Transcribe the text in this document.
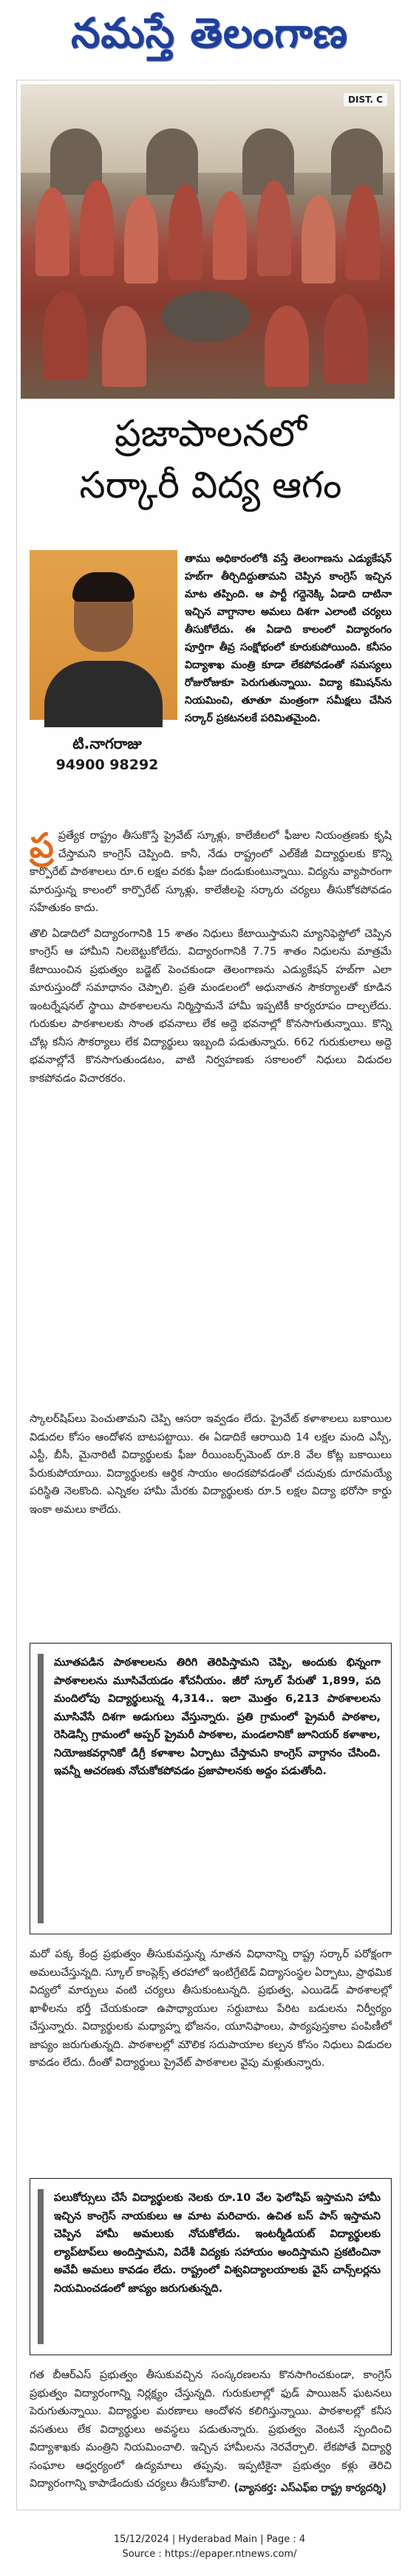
నమస్తే తెలంగాణ
DIST. C
ప్రజాపాలనలో
సర్కారీ విద్య ఆగం
టి.నాగరాజు
94900 98292
తాము అధికారంలోకి వస్తే తెలంగాణను ఎడ్యుకేషన్ హబ్‌గా తీర్చిదిద్దుతామని చెప్పిన కాంగ్రెస్ ఇచ్చిన మాట తప్పింది. ఆ పార్టీ గద్దెనెక్కి ఏడాది దాటినా ఇచ్చిన వాగ్దానాల అమలు దిశగా ఎలాంటి చర్యలు తీసుకోలేదు. ఈ ఏడాది కాలంలో విద్యారంగం పూర్తిగా తీవ్ర సంక్షోభంలో కూరుకుపోయింది. కనీసం విద్యాశాఖ మంత్రి కూడా లేకపోవడంతో సమస్యలు రోజురోజుకూ పెరుగుతున్నాయి. విద్యా కమిషన్‌ను నియమించి, తూతూ మంత్రంగా సమీక్షలు చేసిన సర్కార్ ప్రకటనలకే పరిమితమైంది.

ప్ర ప్రత్యేక రాష్ట్రం తీసుకొస్తే ప్రైవేట్ స్కూళ్లు, కాలేజీలలో ఫీజుల నియంత్రణకు కృషి చేస్తామని కాంగ్రెస్ చెప్పింది. కానీ, నేడు రాష్ట్రంలో ఎల్‌కేజీ విద్యార్థులకు కొన్ని కార్పొరేట్ పాఠశాలలు రూ.6 లక్షల వరకు ఫీజు దండుకుంటున్నాయి. విద్యను వ్యాపారంగా మారుస్తున్న కాలంలో కార్పొరేట్ స్కూళ్లు, కాలేజీలపై సర్కారు చర్యలు తీసుకోకపోవడం సహేతుకం కాదు.

తొలి ఏడాదిలో విద్యారంగానికి 15 శాతం నిధులు కేటాయిస్తామని మ్యానిఫెస్టోలో చెప్పిన కాంగ్రెస్ ఆ హామీని నిలబెట్టుకోలేదు. విద్యారంగానికి 7.75 శాతం నిధులను మాత్రమే కేటాయించిన ప్రభుత్వం బడ్జెట్ పెంచకుండా తెలంగాణను ఎడ్యుకేషన్ హబ్‌గా ఎలా మారుస్తుందో సమాధానం చెప్పాలి. ప్రతి మండలంలో అధునాతన సౌకర్యాలతో కూడిన ఇంటర్నేషనల్ స్థాయి పాఠశాలలను నిర్మిస్తామనే హామీ ఇప్పటికీ కార్యరూపం దాల్చలేదు. గురుకుల పాఠశాలలకు సొంత భవనాలు లేక అద్దె భవనాల్లో కొనసాగుతున్నాయి. కొన్ని చోట్ల కనీస సౌకర్యాలు లేక విద్యార్థులు ఇబ్బంది పడుతున్నారు. 662 గురుకులాలు అద్దె భవనాల్లోనే కొనసాగుతుండటం, వాటి నిర్వహణకు సకాలంలో నిధులు విడుదల కాకపోవడం విచారకరం.

స్కాలర్‌షిప్‌లు పెంచుతామని చెప్పి ఆసరా ఇవ్వడం లేదు. ప్రైవేట్ కళాశాలలు బకాయిల విడుదల కోసం ఆందోళన బాటపట్టాయి. ఈ ఏడాదికే ఆరాయిది 14 లక్షల మంది ఎస్సీ, ఎస్టీ, బీసీ, మైనారిటీ విద్యార్థులకు ఫీజు రీయింబర్స్‌మెంట్ రూ.8 వేల కోట్ల బకాయిలు పేరుకుపోయాయి. విద్యార్థులకు ఆర్థిక సాయం అందకపోవడంతో చదువుకు దూరమయ్యే పరిస్థితి నెలకొంది. ఎన్నికల హామీ మేరకు విద్యార్థులకు రూ.5 లక్షల విద్యా భరోసా కార్డు ఇంకా అమలు కాలేదు.
మూతపడిన పాఠశాలలను తిరిగి తెరిపిస్తామని చెప్పి, అందుకు భిన్నంగా పాఠశాలలను మూసివేయడం శోచనీయం. జీరో స్కూల్ పేరుతో 1,899, పది మందిలోపు విద్యార్థులున్న 4,314.. ఇలా మొత్తం 6,213 పాఠశాలలను మూసివేసే దిశగా అడుగులు వేస్తున్నారు. ప్రతి గ్రామంలో ప్రైమరీ పాఠశాల, రెసిడెన్సీ గ్రామంలో అప్పర్ ప్రైమరీ పాఠశాల, మండలానికో జూనియర్ కళాశాల, నియోజకవర్గానికో డిగ్రీ కళాశాల ఏర్పాటు చేస్తామని కాంగ్రెస్ వాగ్దానం చేసింది. ఇవన్నీ ఆచరణకు నోచుకోకపోవడం ప్రజాపాలనకు అద్దం పడుతోంది.
మరో పక్క కేంద్ర ప్రభుత్వం తీసుకువస్తున్న నూతన విధానాన్ని రాష్ట్ర సర్కార్ పరోక్షంగా అమలుచేస్తున్నది. స్కూల్ కాంప్లెక్స్ తరహాలో ఇంటిగ్రేటెడ్ విద్యాసంస్థల ఏర్పాటు, ప్రాథమిక విద్యలో మార్పులు వంటి చర్యలు తీసుకుంటున్నది. ప్రభుత్వ, ఎయిడెడ్ పాఠశాలల్లో ఖాళీలను భర్తీ చేయకుండా ఉపాధ్యాయుల సర్దుబాటు పేరిట బడులను నిర్వీర్యం చేస్తున్నారు. విద్యార్థులకు మధ్యాహ్న భోజనం, యూనిఫాంలు, పాఠ్యపుస్తకాల పంపిణీలో జాప్యం జరుగుతున్నది. పాఠశాలల్లో మౌలిక సదుపాయాల కల్పన కోసం నిధులు విడుదల కావడం లేదు. దీంతో విద్యార్థులు ప్రైవేట్ పాఠశాలల వైపు మళ్లుతున్నారు.
పలుకోర్సులు చేసే విద్యార్థులకు నెలకు రూ.10 వేల ఫెలోషిప్ ఇస్తామని హామీ ఇచ్చిన కాంగ్రెస్ నాయకులు ఆ మాట మరిచారు. ఉచిత బస్ పాస్ ఇస్తామని చెప్పిన హామీ అమలుకు నోచుకోలేదు. ఇంటర్మీడియట్ విద్యార్థులకు ల్యాప్‌టాప్‌లు అందిస్తామని, విదేశీ విద్యకు సహాయం అందిస్తామని ప్రకటించినా అవేవీ అమలు కావడం లేదు. రాష్ట్రంలో విశ్వవిద్యాలయాలకు వైస్ చాన్స్‌లర్లను నియమించడంలో జాప్యం జరుగుతున్నది.
గత బీఆర్‌ఎస్ ప్రభుత్వం తీసుకువచ్చిన సంస్కరణలను కొనసాగించకుండా, కాంగ్రెస్ ప్రభుత్వం విద్యారంగాన్ని నిర్లక్ష్యం చేస్తున్నది. గురుకులాల్లో ఫుడ్ పాయిజన్ ఘటనలు పెరుగుతున్నాయి. విద్యార్థుల మరణాలు ఆందోళన కలిగిస్తున్నాయి. పాఠశాలల్లో కనీస వసతులు లేక విద్యార్థులు అవస్థలు పడుతున్నారు. ప్రభుత్వం వెంటనే స్పందించి విద్యాశాఖకు మంత్రిని నియమించాలి. ఇచ్చిన హామీలను నెరవేర్చాలి. లేకపోతే విద్యార్థి సంఘాల ఆధ్వర్యంలో ఉద్యమాలు తప్పవు. ఇప్పటికైనా ప్రభుత్వం కళ్లు తెరిచి విద్యారంగాన్ని కాపాడేందుకు చర్యలు తీసుకోవాలి. (వ్యాసకర్త: ఎస్‌ఎఫ్‌ఐ రాష్ట్ర కార్యదర్శి)
15/12/2024 | Hyderabad Main | Page : 4
Source : https://epaper.ntnews.com/
